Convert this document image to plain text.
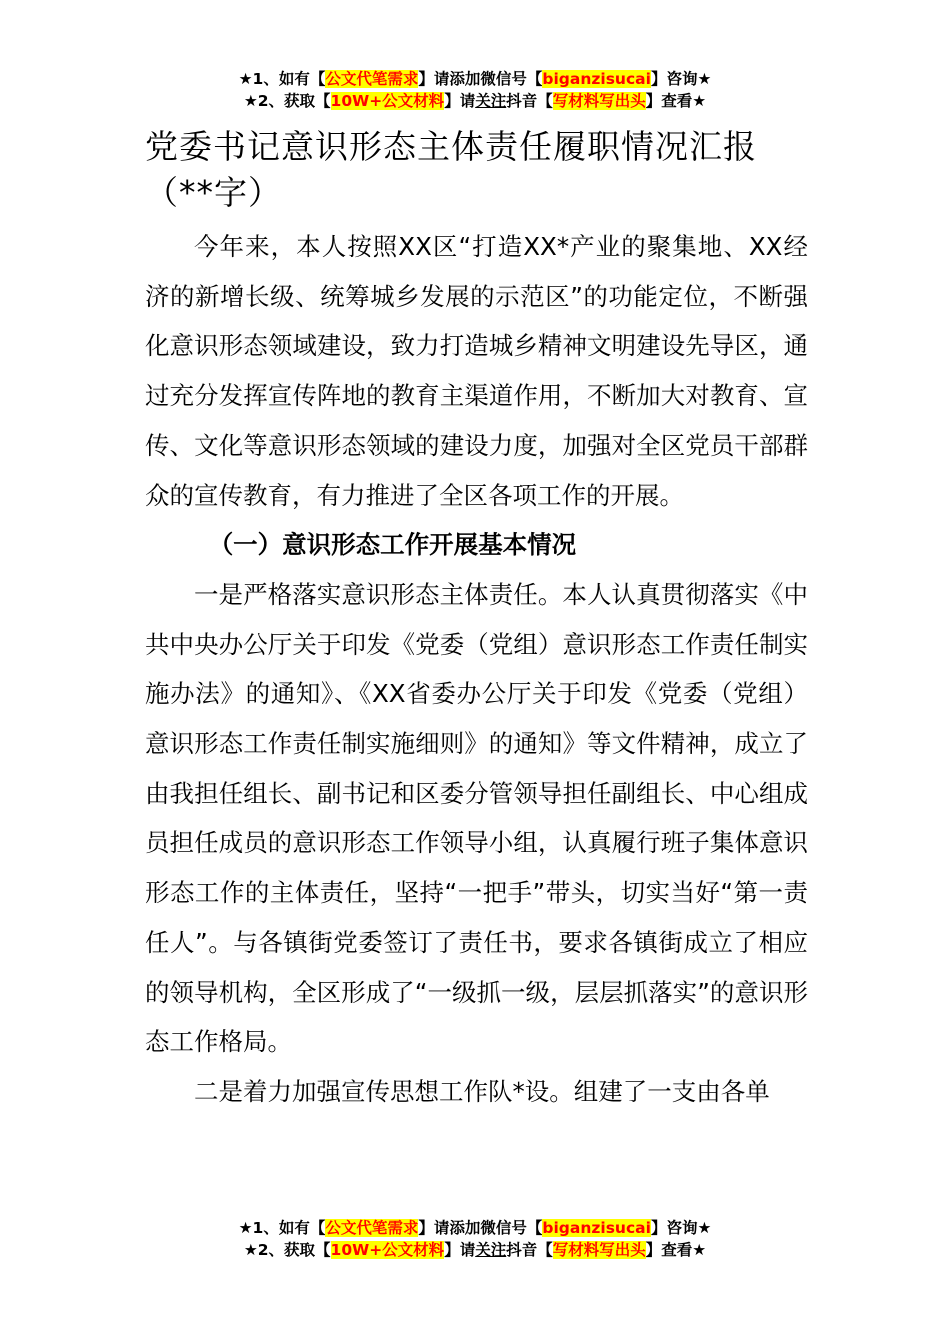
★1、如有【公文代笔需求】请添加微信号【biganzisucai】咨询★
★2、获取【10W+公文材料】请关注抖音【写材料写出头】查看★
党委书记意识形态主体责任履职情况汇报（**字）

今年来，本人按照XX区“打造XX*产业的聚集地、XX经济的新增长级、统筹城乡发展的示范区”的功能定位，不断强化意识形态领域建设，致力打造城乡精神文明建设先导区，通过充分发挥宣传阵地的教育主渠道作用，不断加大对教育、宣传、文化等意识形态领域的建设力度，加强对全区党员干部群众的宣传教育，有力推进了全区各项工作的开展。

（一）意识形态工作开展基本情况

一是严格落实意识形态主体责任。本人认真贯彻落实《中共中央办公厅关于印发《党委（党组）意识形态工作责任制实施办法》的通知》、《XX省委办公厅关于印发《党委（党组）意识形态工作责任制实施细则》的通知》等文件精神，成立了由我担任组长、副书记和区委分管领导担任副组长、中心组成员担任成员的意识形态工作领导小组，认真履行班子集体意识形态工作的主体责任，坚持“一把手”带头，切实当好“第一责任人”。与各镇街党委签订了责任书，要求各镇街成立了相应的领导机构，全区形成了“一级抓一级，层层抓落实”的意识形态工作格局。

二是着力加强宣传思想工作队*设。组建了一支由各单

★1、如有【公文代笔需求】请添加微信号【biganzisucai】咨询★
★2、获取【10W+公文材料】请关注抖音【写材料写出头】查看★
